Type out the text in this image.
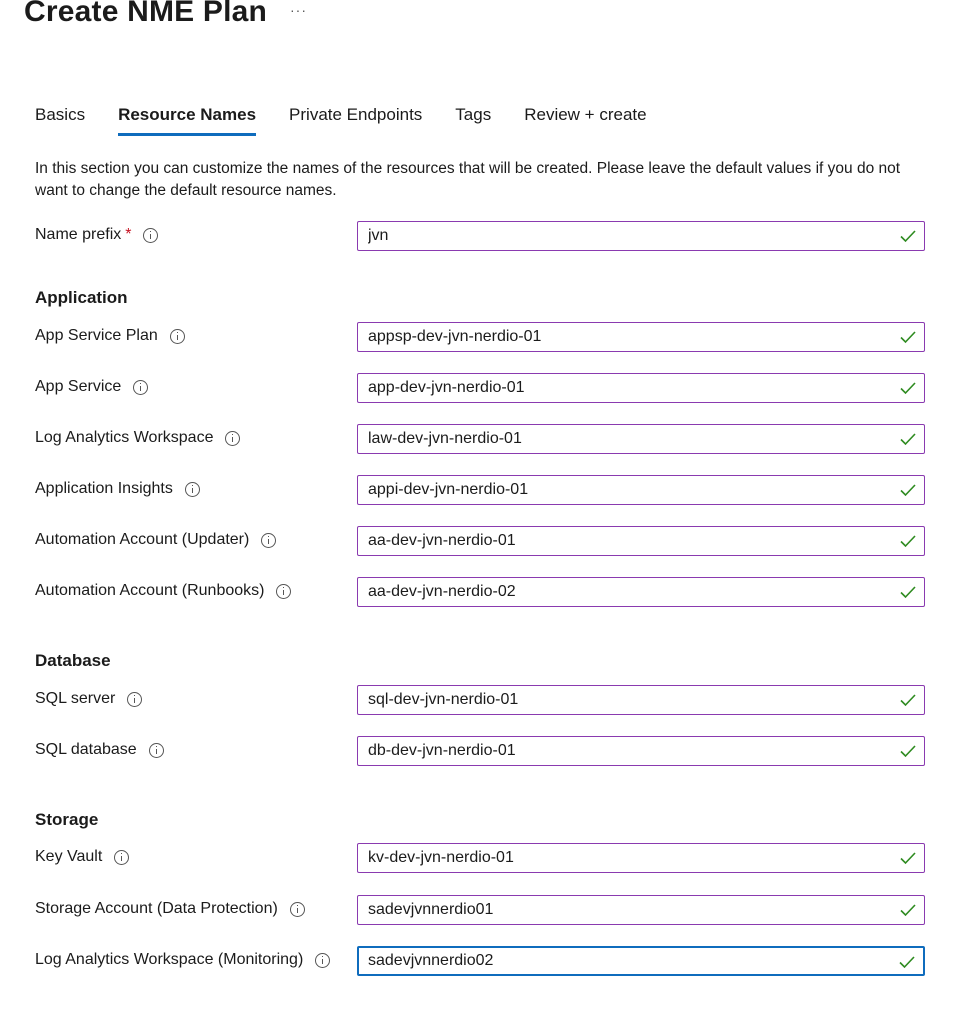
Create NME Plan ···
Basics Resource Names Private Endpoints Tags Review + create
In this section you can customize the names of the resources that will be created. Please leave the default values if you do not want to change the default resource names.
Name prefix *
jvn
Application
App Service Plan
appsp-dev-jvn-nerdio-01
App Service
app-dev-jvn-nerdio-01
Log Analytics Workspace
law-dev-jvn-nerdio-01
Application Insights
appi-dev-jvn-nerdio-01
Automation Account (Updater)
aa-dev-jvn-nerdio-01
Automation Account (Runbooks)
aa-dev-jvn-nerdio-02
Database
SQL server
sql-dev-jvn-nerdio-01
SQL database
db-dev-jvn-nerdio-01
Storage
Key Vault
kv-dev-jvn-nerdio-01
Storage Account (Data Protection)
sadevjvnnerdio01
Log Analytics Workspace (Monitoring)
sadevjvnnerdio02
